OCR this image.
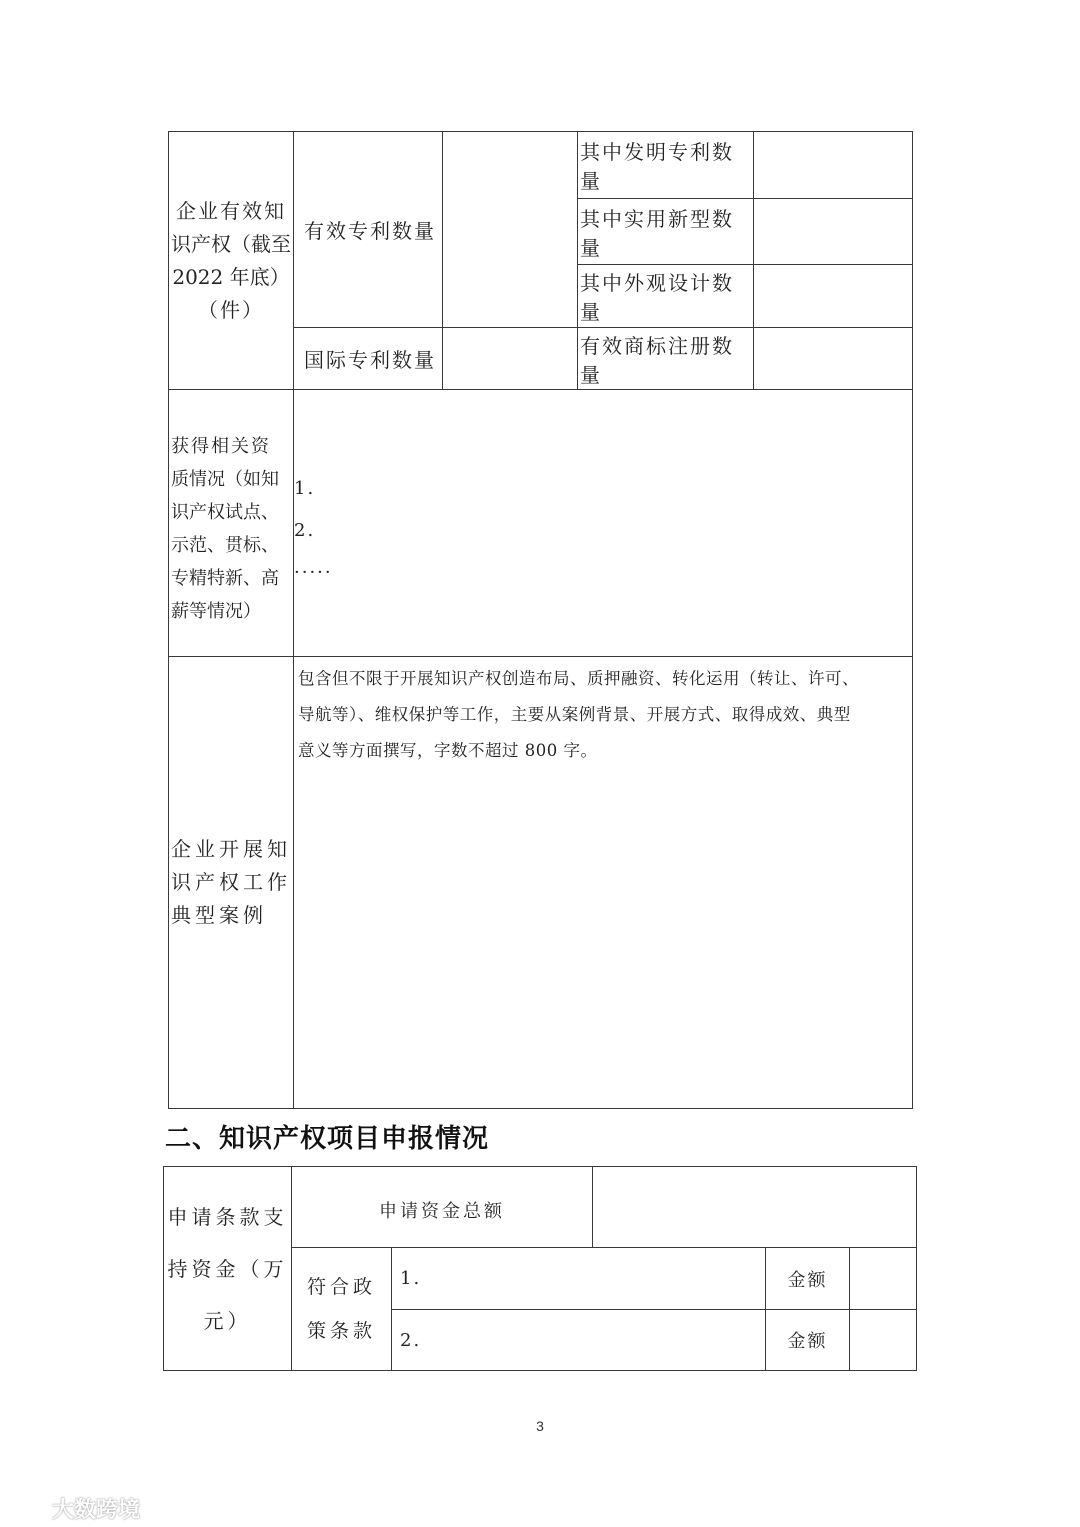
企业有效知
识产权（截至
2022 年底）
（件）
有效专利数量
其中发明专利数量
其中实用新型数量
其中外观设计数量
国际专利数量
有效商标注册数量
获得相关资
质情况（如知
识产权试点、
示范、贯标、
专精特新、高
薪等情况）
1.
2.
·····
企业开展知
识产权工作
典型案例
包含但不限于开展知识产权创造布局、质押融资、转化运用（转让、许可、
导航等）、维权保护等工作，主要从案例背景、开展方式、取得成效、典型
意义等方面撰写，字数不超过 800 字。
二、知识产权项目申报情况
申请条款支
持资金（万
元）
申请资金总额
符合政
策条款
1.	金额
2.	金额
3
大数跨境
